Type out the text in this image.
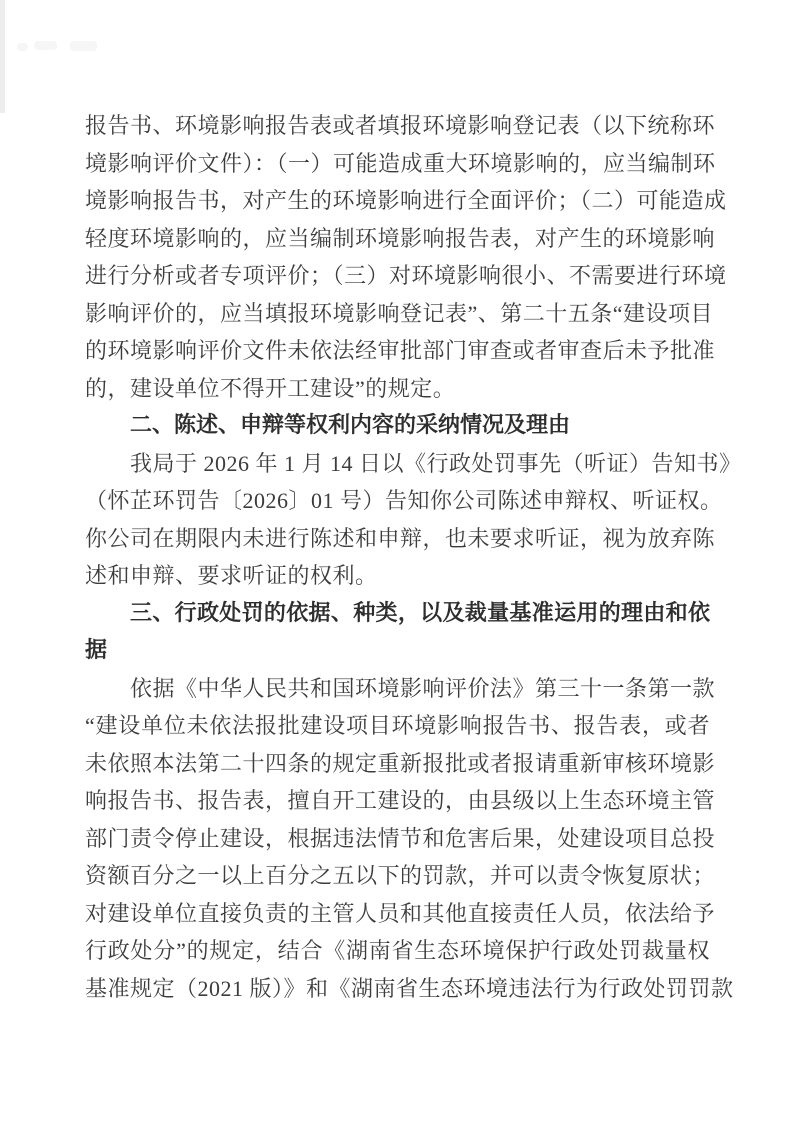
报告书、环境影响报告表或者填报环境影响登记表（以下统称环
境影响评价文件）：（一）可能造成重大环境影响的，应当编制环
境影响报告书，对产生的环境影响进行全面评价；（二）可能造成
轻度环境影响的，应当编制环境影响报告表，对产生的环境影响
进行分析或者专项评价；（三）对环境影响很小、不需要进行环境
影响评价的，应当填报环境影响登记表”、第二十五条“建设项目
的环境影响评价文件未依法经审批部门审查或者审查后未予批准
的，建设单位不得开工建设”的规定。
二、陈述、申辩等权利内容的采纳情况及理由
我局于 2026 年 1 月 14 日以《行政处罚事先（听证）告知书》
（怀芷环罚告〔2026〕01 号）告知你公司陈述申辩权、听证权。
你公司在期限内未进行陈述和申辩，也未要求听证，视为放弃陈
述和申辩、要求听证的权利。
三、行政处罚的依据、种类，以及裁量基准运用的理由和依
据
依据《中华人民共和国环境影响评价法》第三十一条第一款
“建设单位未依法报批建设项目环境影响报告书、报告表，或者
未依照本法第二十四条的规定重新报批或者报请重新审核环境影
响报告书、报告表，擅自开工建设的，由县级以上生态环境主管
部门责令停止建设，根据违法情节和危害后果，处建设项目总投
资额百分之一以上百分之五以下的罚款，并可以责令恢复原状；
对建设单位直接负责的主管人员和其他直接责任人员，依法给予
行政处分”的规定，结合《湖南省生态环境保护行政处罚裁量权
基准规定（2021 版）》和《湖南省生态环境违法行为行政处罚罚款
